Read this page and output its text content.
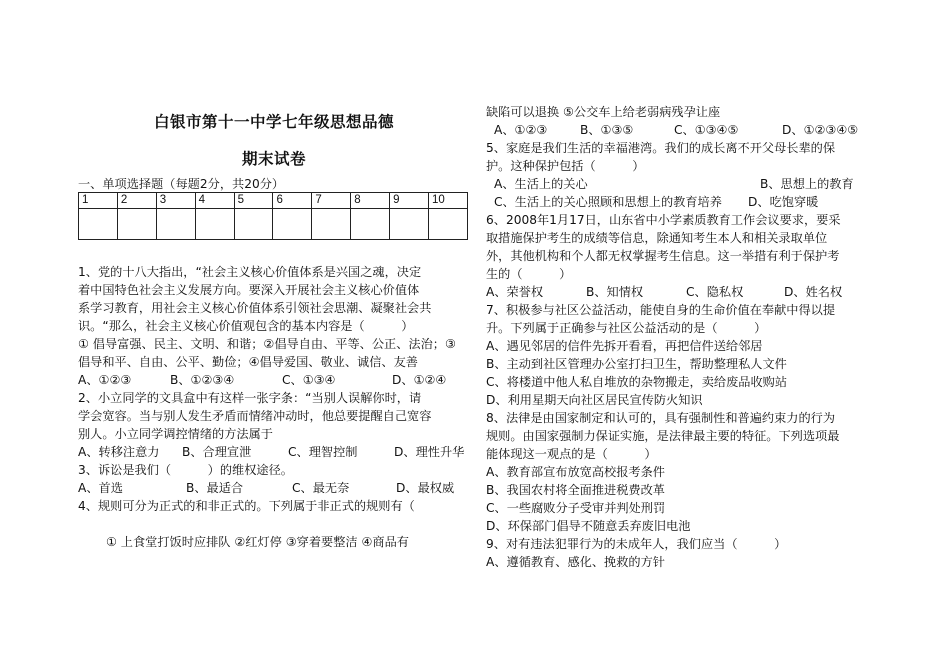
白银市第十一中学七年级思想品德
期末试卷
一、单项选择题（每题2分，共20分）
1	2	3	4	5	6	7	8	9	10

1、党的十八大指出，“社会主义核心价值体系是兴国之魂，决定
着中国特色社会主义发展方向。要深入开展社会主义核心价值体
系学习教育，用社会主义核心价值体系引领社会思潮、凝聚社会共
识。“那么，社会主义核心价值观包含的基本内容是（　　　）
① 倡导富强、民主、文明、和谐；②倡导自由、平等、公正、法治；③
倡导和平、自由、公平、勤俭；④倡导爱国、敬业、诚信、友善
A、①②③	B、①②③④	C、①③④	D、①②④
2、小立同学的文具盒中有这样一张字条：“当别人误解你时，请
学会宽容。当与别人发生矛盾而情绪冲动时，他总要提醒自己宽容
别人。小立同学调控情绪的方法属于
A、转移注意力 B、合理宣泄	C、理智控制	D、理性升华
3、诉讼是我们（　　　）的维权途径。
A、首选	B、最适合	C、最无奈	D、最权威
4、规则可分为正式的和非正式的。下列属于非正式的规则有（
① 上食堂打饭时应排队 ②红灯停 ③穿着要整洁 ④商品有
缺陷可以退换 ⑤公交车上给老弱病残孕让座
A、①②③	B、①③⑤	C、①③④⑤	D、①②③④⑤
5、家庭是我们生活的幸福港湾。我们的成长离不开父母长辈的保
护。这种保护包括（　　　）
A、生活上的关心	B、思想上的教育
C、生活上的关心照顾和思想上的教育培养 D、吃饱穿暖
6、2008年1月17日，山东省中小学素质教育工作会议要求，要采
取措施保护考生的成绩等信息，除通知考生本人和相关录取单位
外，其他机构和个人都无权掌握考生信息。这一举措有利于保护考
生的（　　　）
A、荣誉权	B、知情权	C、隐私权	D、姓名权
7、积极参与社区公益活动，能使自身的生命价值在奉献中得以提
升。下列属于正确参与社区公益活动的是（　　　）
A、遇见邻居的信件先拆开看看，再把信件送给邻居
B、主动到社区管理办公室打扫卫生，帮助整理私人文件
C、将楼道中他人私自堆放的杂物搬走，卖给废品收购站
D、利用星期天向社区居民宣传防火知识
8、法律是由国家制定和认可的，具有强制性和普遍约束力的行为
规则。由国家强制力保证实施，是法律最主要的特征。下列选项最
能体现这一观点的是（　　　）
A、教育部宣布放宽高校报考条件
B、我国农村将全面推进税费改革
C、一些腐败分子受审并判处刑罚
D、环保部门倡导不随意丢弃废旧电池
9、对有违法犯罪行为的未成年人，我们应当（　　　）
A、遵循教育、感化、挽救的方针
